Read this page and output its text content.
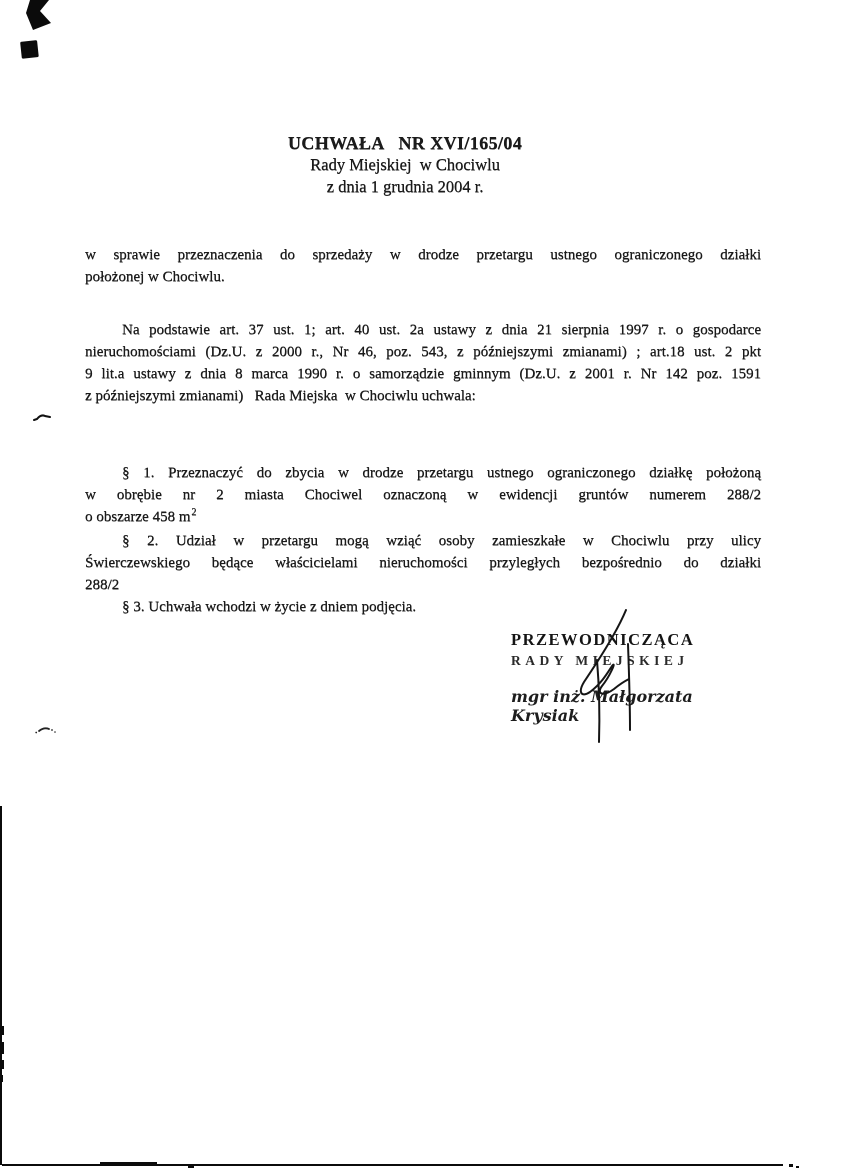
UCHWAŁA   NR XVI/165/04
Rady Miejskiej  w Chociwlu
z dnia 1 grudnia 2004 r.
w sprawie przeznaczenia do sprzedaży w drodze przetargu ustnego ograniczonego działki
położonej w Chociwlu.
Na podstawie art. 37 ust. 1; art. 40 ust. 2a ustawy z dnia 21 sierpnia 1997 r. o gospodarce
nieruchomościami (Dz.U. z 2000 r., Nr 46, poz. 543, z późniejszymi zmianami) ; art.18 ust. 2 pkt
9 lit.a ustawy z dnia 8 marca 1990 r. o samorządzie gminnym (Dz.U. z 2001 r. Nr 142 poz. 1591
z późniejszymi zmianami)   Rada Miejska  w Chociwlu uchwala:
§ 1. Przeznaczyć do zbycia w drodze przetargu ustnego ograniczonego działkę położoną
w obrębie nr 2 miasta Chociwel oznaczoną w ewidencji gruntów numerem 288/2
o obszarze 458 $m^2$
§ 2. Udział w przetargu mogą wziąć osoby zamieszkałe w Chociwlu przy ulicy
Świerczewskiego będące właścicielami nieruchomości przyległych bezpośrednio do działki
288/2
§ 3. Uchwała wchodzi w życie z dniem podjęcia.
PRZEWODNICZĄCA
RADY MIEJSKIEJ
mgr inż. Małgorzata Krysiak
